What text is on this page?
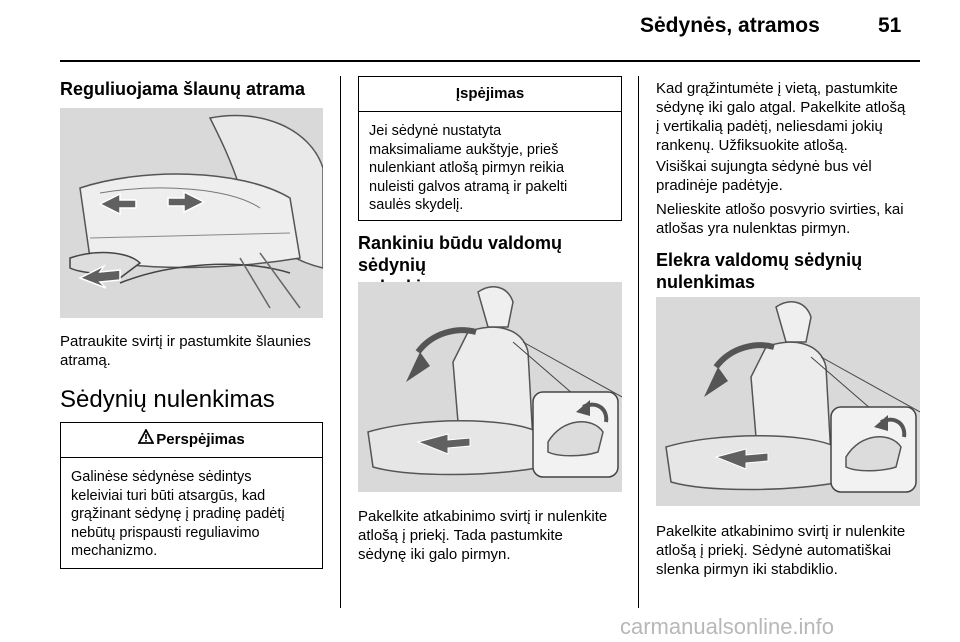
Sėdynės, atramos	51

Reguliuojama šlaunų atrama

Patraukite svirtį ir pastumkite šlaunies

atramą.

Sėdynių nulenkimas

Perspėjimas
Galinėse sėdynėse sėdintys
keleiviai turi būti atsargūs, kad
grąžinant sėdynę į pradinę padėtį
nebūtų prispausti reguliavimo
mechanizmo.
Įspėjimas
Jei sėdynė nustatyta
maksimaliame aukštyje, prieš
nulenkiant atlošą pirmyn reikia
nuleisti galvos atramą ir pakelti
saulės skydelį.

Rankiniu būdu valdomų sėdynių

Pakelkite atkabinimo svirtį ir nulenkite

atlošą į priekį. Tada pastumkite

sėdynę iki galo pirmyn.

Kad grąžintumėte į vietą, pastumkite

sėdynę iki galo atgal. Pakelkite atlošą

į vertikalią padėtį, neliesdami jokių

rankenų. Užfiksuokite atlošą.

Visiškai sujungta sėdynė bus vėl

pradinėje padėtyje.

Nelieskite atlošo posvyrio svirties, kai

atlošas yra nulenktas pirmyn.

Elekra valdomų sėdynių

nulenkimas

Pakelkite atkabinimo svirtį ir nulenkite

atlošą į priekį. Sėdynė automatiškai

slenka pirmyn iki stabdiklio.

carmanualsonline.info
